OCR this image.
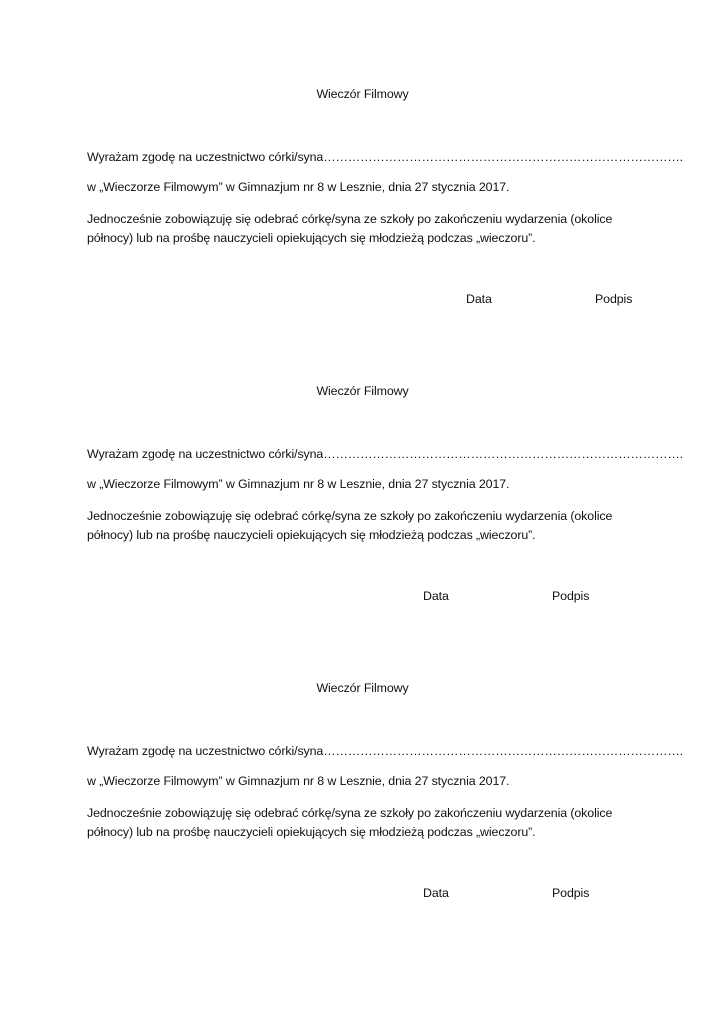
Wieczór Filmowy
Wyrażam zgodę na uczestnictwo córki/syna…………………………………………………………………………….
w „Wieczorze Filmowym” w Gimnazjum nr 8 w Lesznie, dnia 27 stycznia 2017.
Jednocześnie zobowiązuję się odebrać córkę/syna ze szkoły po zakończeniu wydarzenia (okolice
północy) lub na prośbę nauczycieli opiekujących się młodzieżą podczas „wieczoru”.
Data	Podpis
Wieczór Filmowy
Wyrażam zgodę na uczestnictwo córki/syna…………………………………………………………………………….
w „Wieczorze Filmowym” w Gimnazjum nr 8 w Lesznie, dnia 27 stycznia 2017.
Jednocześnie zobowiązuję się odebrać córkę/syna ze szkoły po zakończeniu wydarzenia (okolice
północy) lub na prośbę nauczycieli opiekujących się młodzieżą podczas „wieczoru”.
Data	Podpis
Wieczór Filmowy
Wyrażam zgodę na uczestnictwo córki/syna…………………………………………………………………………….
w „Wieczorze Filmowym” w Gimnazjum nr 8 w Lesznie, dnia 27 stycznia 2017.
Jednocześnie zobowiązuję się odebrać córkę/syna ze szkoły po zakończeniu wydarzenia (okolice
północy) lub na prośbę nauczycieli opiekujących się młodzieżą podczas „wieczoru”.
Data	Podpis
